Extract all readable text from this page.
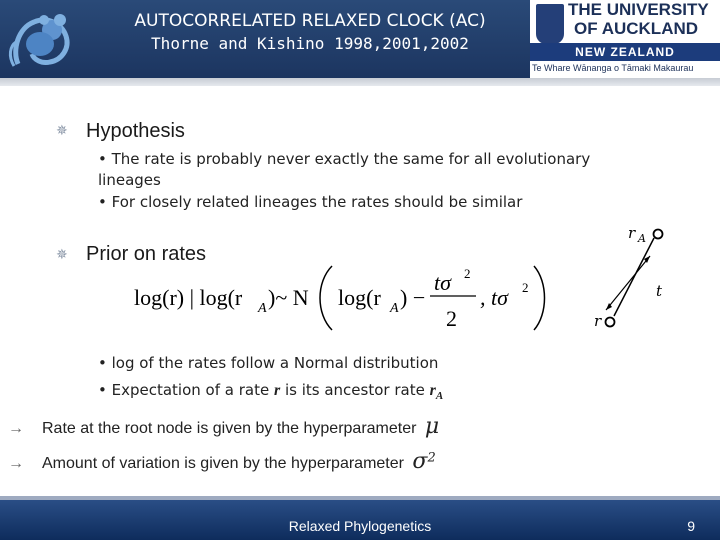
AUTOCORRELATED RELAXED CLOCK (AC)
Thorne and Kishino 1998,2001,2002
THE UNIVERSITY
OF AUCKLAND
NEW ZEALAND
Te Whare Wānanga o Tāmaki Makaurau
✵ Hypothesis
• The rate is probably never exactly the same for all evolutionary
lineages
• For closely related lineages the rates should be similar
✵ Prior on rates
log(r) | log(r A )~ N log(r A ) −
tσ 2
2
, tσ 2
r A
r
t
• log of the rates follow a Normal distribution
• Expectation of a rate r is its ancestor rate $r_A$
→ Rate at the root node is given by the hyperparameter μ
→ Amount of variation is given by the hyperparameter $\sigma^2$
Relaxed Phylogenetics	9
